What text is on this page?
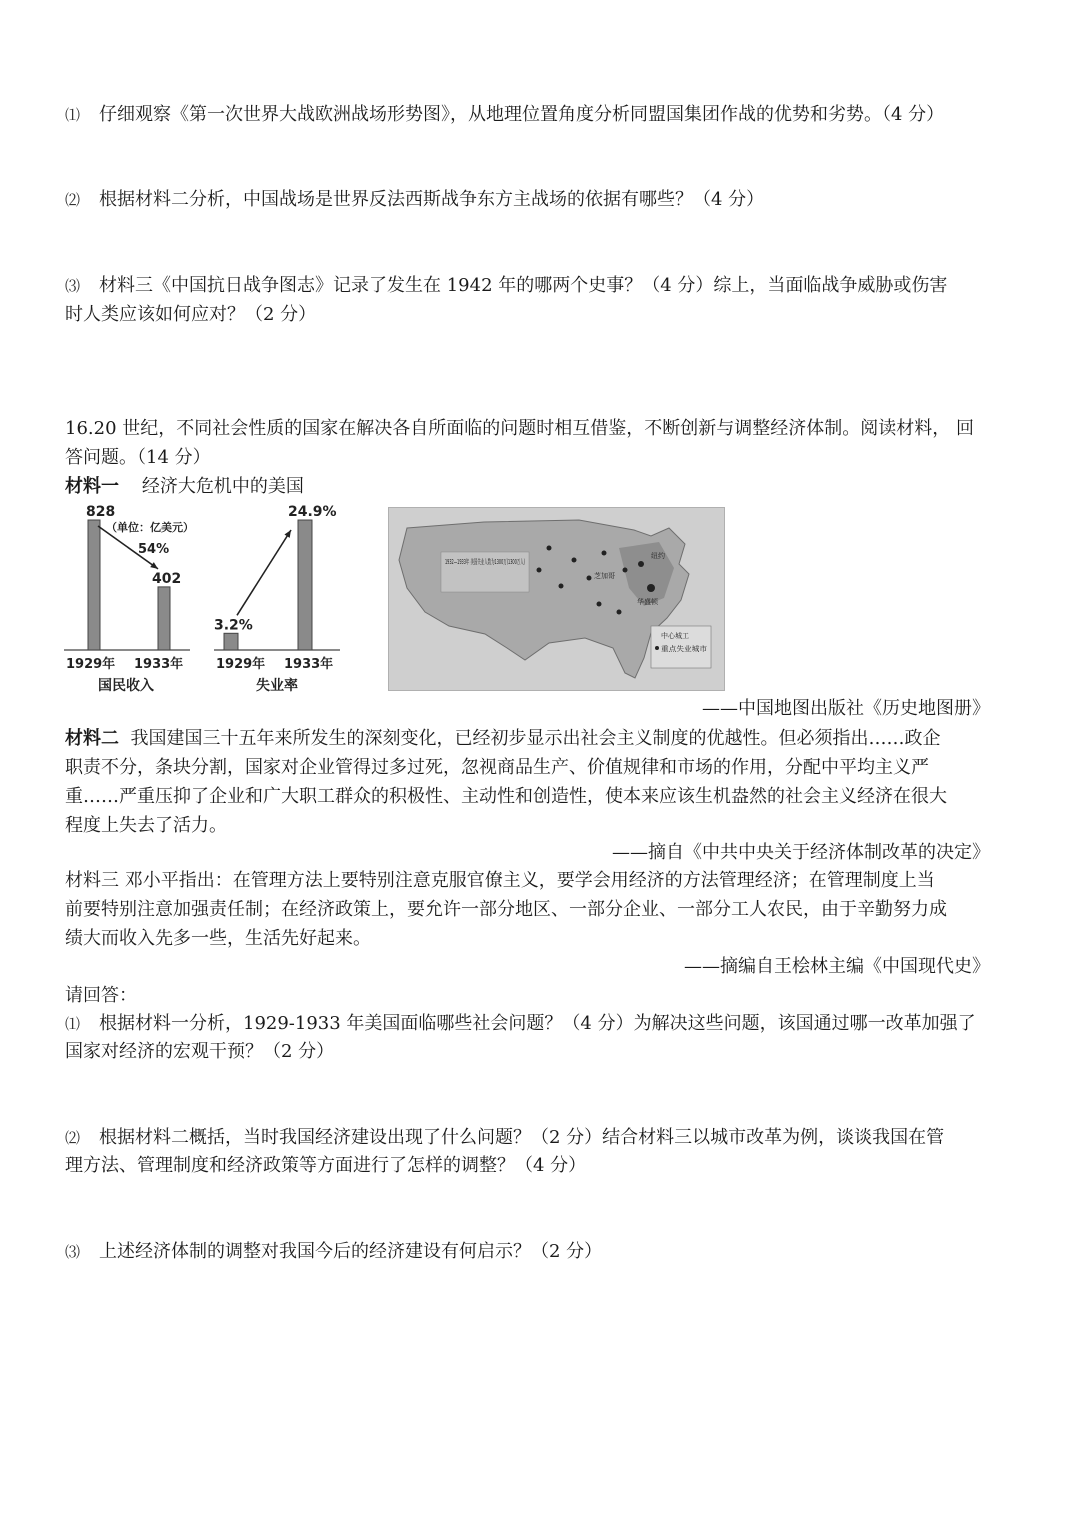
⑴ 仔细观察《第一次世界大战欧洲战场形势图》，从地理位置角度分析同盟国集团作战的优势和劣势。（4 分）
⑵ 根据材料二分析，中国战场是世界反法西斯战争东方主战场的依据有哪些？（4 分）
⑶ 材料三《中国抗日战争图志》记录了发生在 1942 年的哪两个史事？（4 分）综上，当面临战争威胁或伤害
时人类应该如何应对？（2 分）
16.20 世纪，不同社会性质的国家在解决各自所面临的问题时相互借鉴，不断创新与调整经济体制。阅读材料， 回
答问题。（14 分）
材料一 经济大危机中的美国
828
1929年
402
1933年
国民收入
（单位：亿美元）
54%
3.2%
1929年
24.9%
1933年
失业率
芝加哥
纽约
华盛顿
中心城工
重点失业城市
——中国地图出版社《历史地图册》
材料二 我国建国三十五年来所发生的深刻变化，已经初步显示出社会主义制度的优越性。但必须指出……政企
职责不分，条块分割，国家对企业管得过多过死，忽视商品生产、价值规律和市场的作用，分配中平均主义严
重……严重压抑了企业和广大职工群众的积极性、主动性和创造性，使本来应该生机盎然的社会主义经济在很大
程度上失去了活力。
——摘自《中共中央关于经济体制改革的决定》
材料三 邓小平指出：在管理方法上要特别注意克服官僚主义，要学会用经济的方法管理经济；在管理制度上当
前要特别注意加强责任制；在经济政策上，要允许一部分地区、一部分企业、一部分工人农民，由于辛勤努力成
绩大而收入先多一些，生活先好起来。
——摘编自王桧林主编《中国现代史》
请回答：
⑴ 根据材料一分析，1929-1933 年美国面临哪些社会问题？（4 分）为解决这些问题，该国通过哪一改革加强了
国家对经济的宏观干预？（2 分）
⑵ 根据材料二概括，当时我国经济建设出现了什么问题？（2 分）结合材料三以城市改革为例，谈谈我国在管
理方法、管理制度和经济政策等方面进行了怎样的调整？（4 分）
⑶ 上述经济体制的调整对我国今后的经济建设有何启示？（2 分）
